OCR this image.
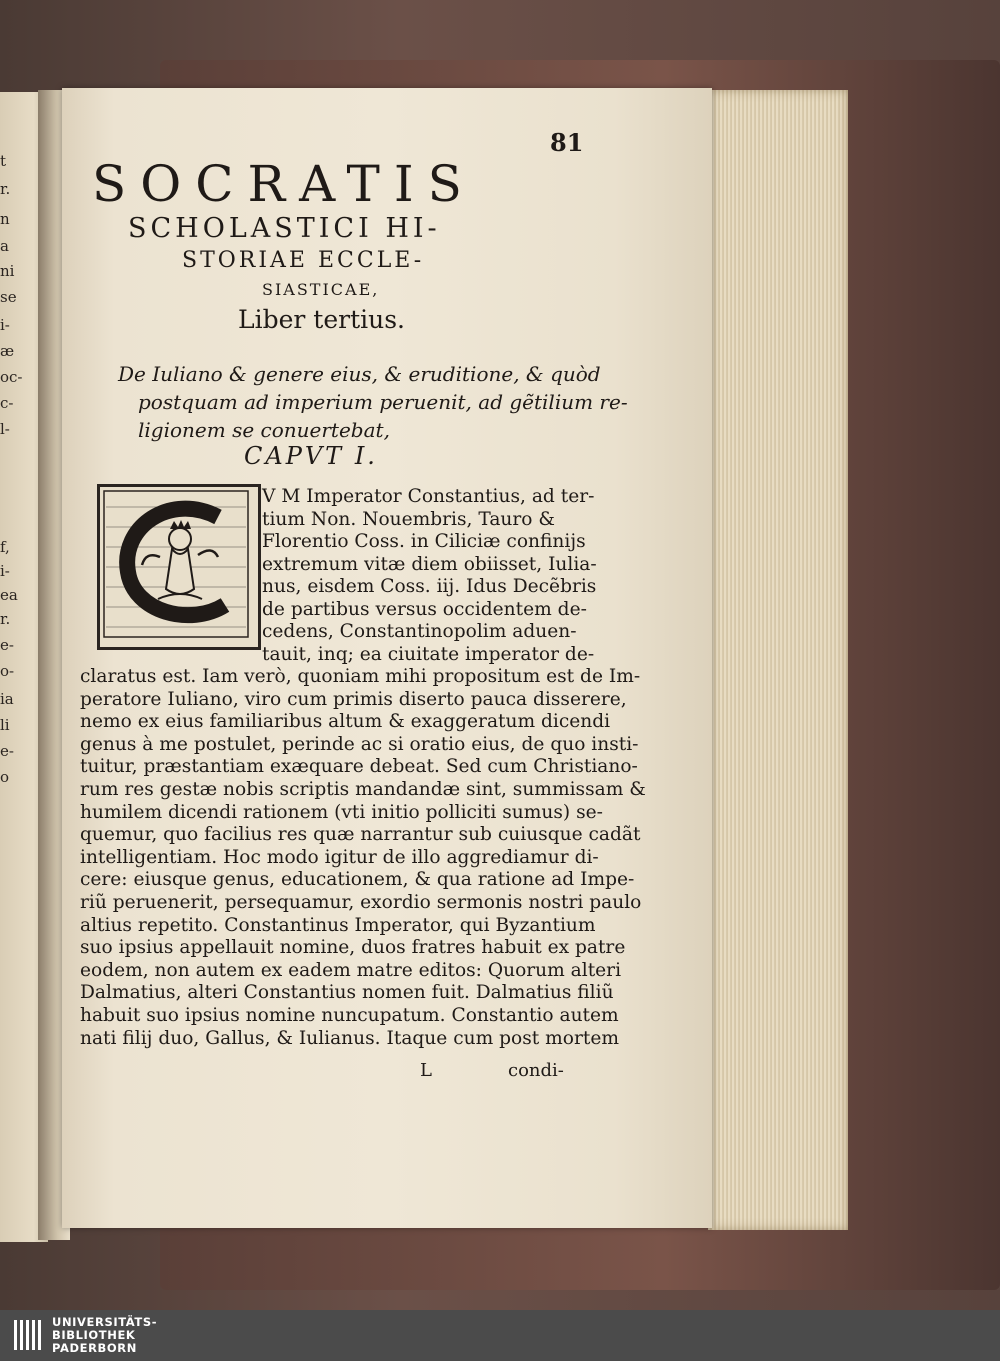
t
r.
n
a
ni
se
i-
æ
oc-
c-
l-
f,
i-
ea
r.
e-
o-
ia
li
e-
o
81
SOCRATIS
SCHOLASTICI HI-
STORIAE ECCLE-
SIASTICAE,
Liber tertius.
De Iuliano & genere eius, & eruditione, & quòd
postquam ad imperium peruenit, ad gẽtilium re-
ligionem se conuertebat,
CAPVT I.
V M Imperator Constantius, ad ter-
tium Non. Nouembris, Tauro &
Florentio Coss. in Ciliciæ confinijs
extremum vitæ diem obiisset, Iulia-
nus, eisdem Coss. iij. Idus Decẽbris
de partibus versus occidentem de-
cedens, Constantinopolim aduen-
tauit, inq; ea ciuitate imperator de-
claratus est. Iam verò, quoniam mihi propositum est de Im-
peratore Iuliano, viro cum primis diserto pauca disserere,
nemo ex eius familiaribus altum & exaggeratum dicendi
genus à me postulet, perinde ac si oratio eius, de quo insti-
tuitur, præstantiam exæquare debeat. Sed cum Christiano-
rum res gestæ nobis scriptis mandandæ sint, summissam &
humilem dicendi rationem (vti initio polliciti sumus) se-
quemur, quo facilius res quæ narrantur sub cuiusque cadãt
intelligentiam. Hoc modo igitur de illo aggrediamur di-
cere: eiusque genus, educationem, & qua ratione ad Impe-
riũ peruenerit, persequamur, exordio sermonis nostri paulo
altius repetito. Constantinus Imperator, qui Byzantium
suo ipsius appellauit nomine, duos fratres habuit ex patre
eodem, non autem ex eadem matre editos: Quorum alteri
Dalmatius, alteri Constantius nomen fuit. Dalmatius filiũ
habuit suo ipsius nomine nuncupatum. Constantio autem
nati filij duo, Gallus, & Iulianus. Itaque cum post mortem
L	condi-
UNIVERSITÄTS-
BIBLIOTHEK
PADERBORN
